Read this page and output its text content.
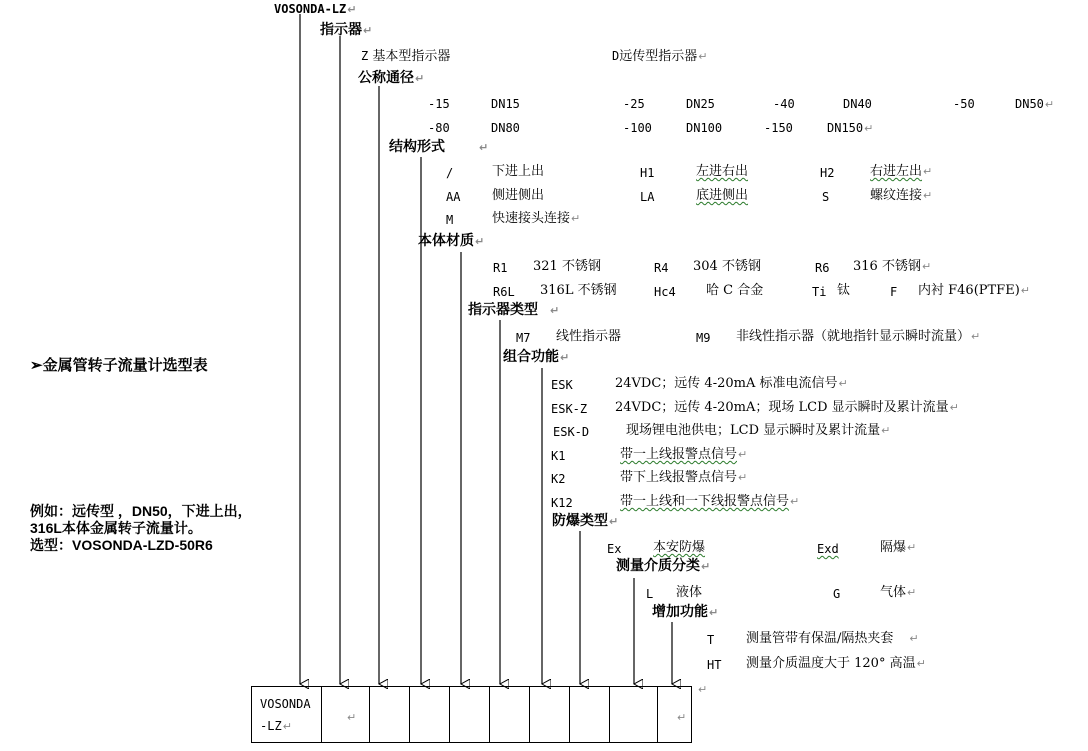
➢金属管转子流量计选型表
例如：远传型 ，DN50，下进上出，316L本体金属转子流量计。
选型：VOSONDA-LZD-50R6
VOSONDA-LZ↵
指示器↵
公称通径↵
结构形式	↵
本体材质↵
指示器类型 ↵
组合功能↵
防爆类型↵
测量介质分类↵
增加功能↵
Z 基本型指示器	D远传型指示器↵
-15	DN15	-25	DN25	-40	DN40	-50	DN50↵
-80	DN80	-100	DN100	-150	DN150↵
/	下进上出	H1	左进右出	H2	右进左出↵
AA 侧进侧出	LA	底进侧出	S	螺纹连接↵
M	快速接头连接↵
R1 321 不锈钢	R4 304 不锈钢	R6 316 不锈钢↵
R6L 316L 不锈钢	Hc4 哈 C 合金	Ti 钛	F 内衬 F46(PTFE)↵
M7 线性指示器	M9 非线性指示器（就地指针显示瞬时流量）↵
ESK	24VDC；远传 4-20mA 标准电流信号↵
ESK-Z 24VDC；远传 4-20mA；现场 LCD 显示瞬时及累计流量↵
ESK-D	现场锂电池供电；LCD 显示瞬时及累计流量↵
K1	带一上线报警点信号↵
K2	带下上线报警点信号↵
K12	带一上线和一下线报警点信号↵
Ex 本安防爆	Exd	隔爆↵
L 液体	G	气体↵
T 测量管带有保温/隔热夹套 ↵
HT 测量介质温度大于 120° 高温↵
VOSONDA
-LZ↵
↵	↵
↵
